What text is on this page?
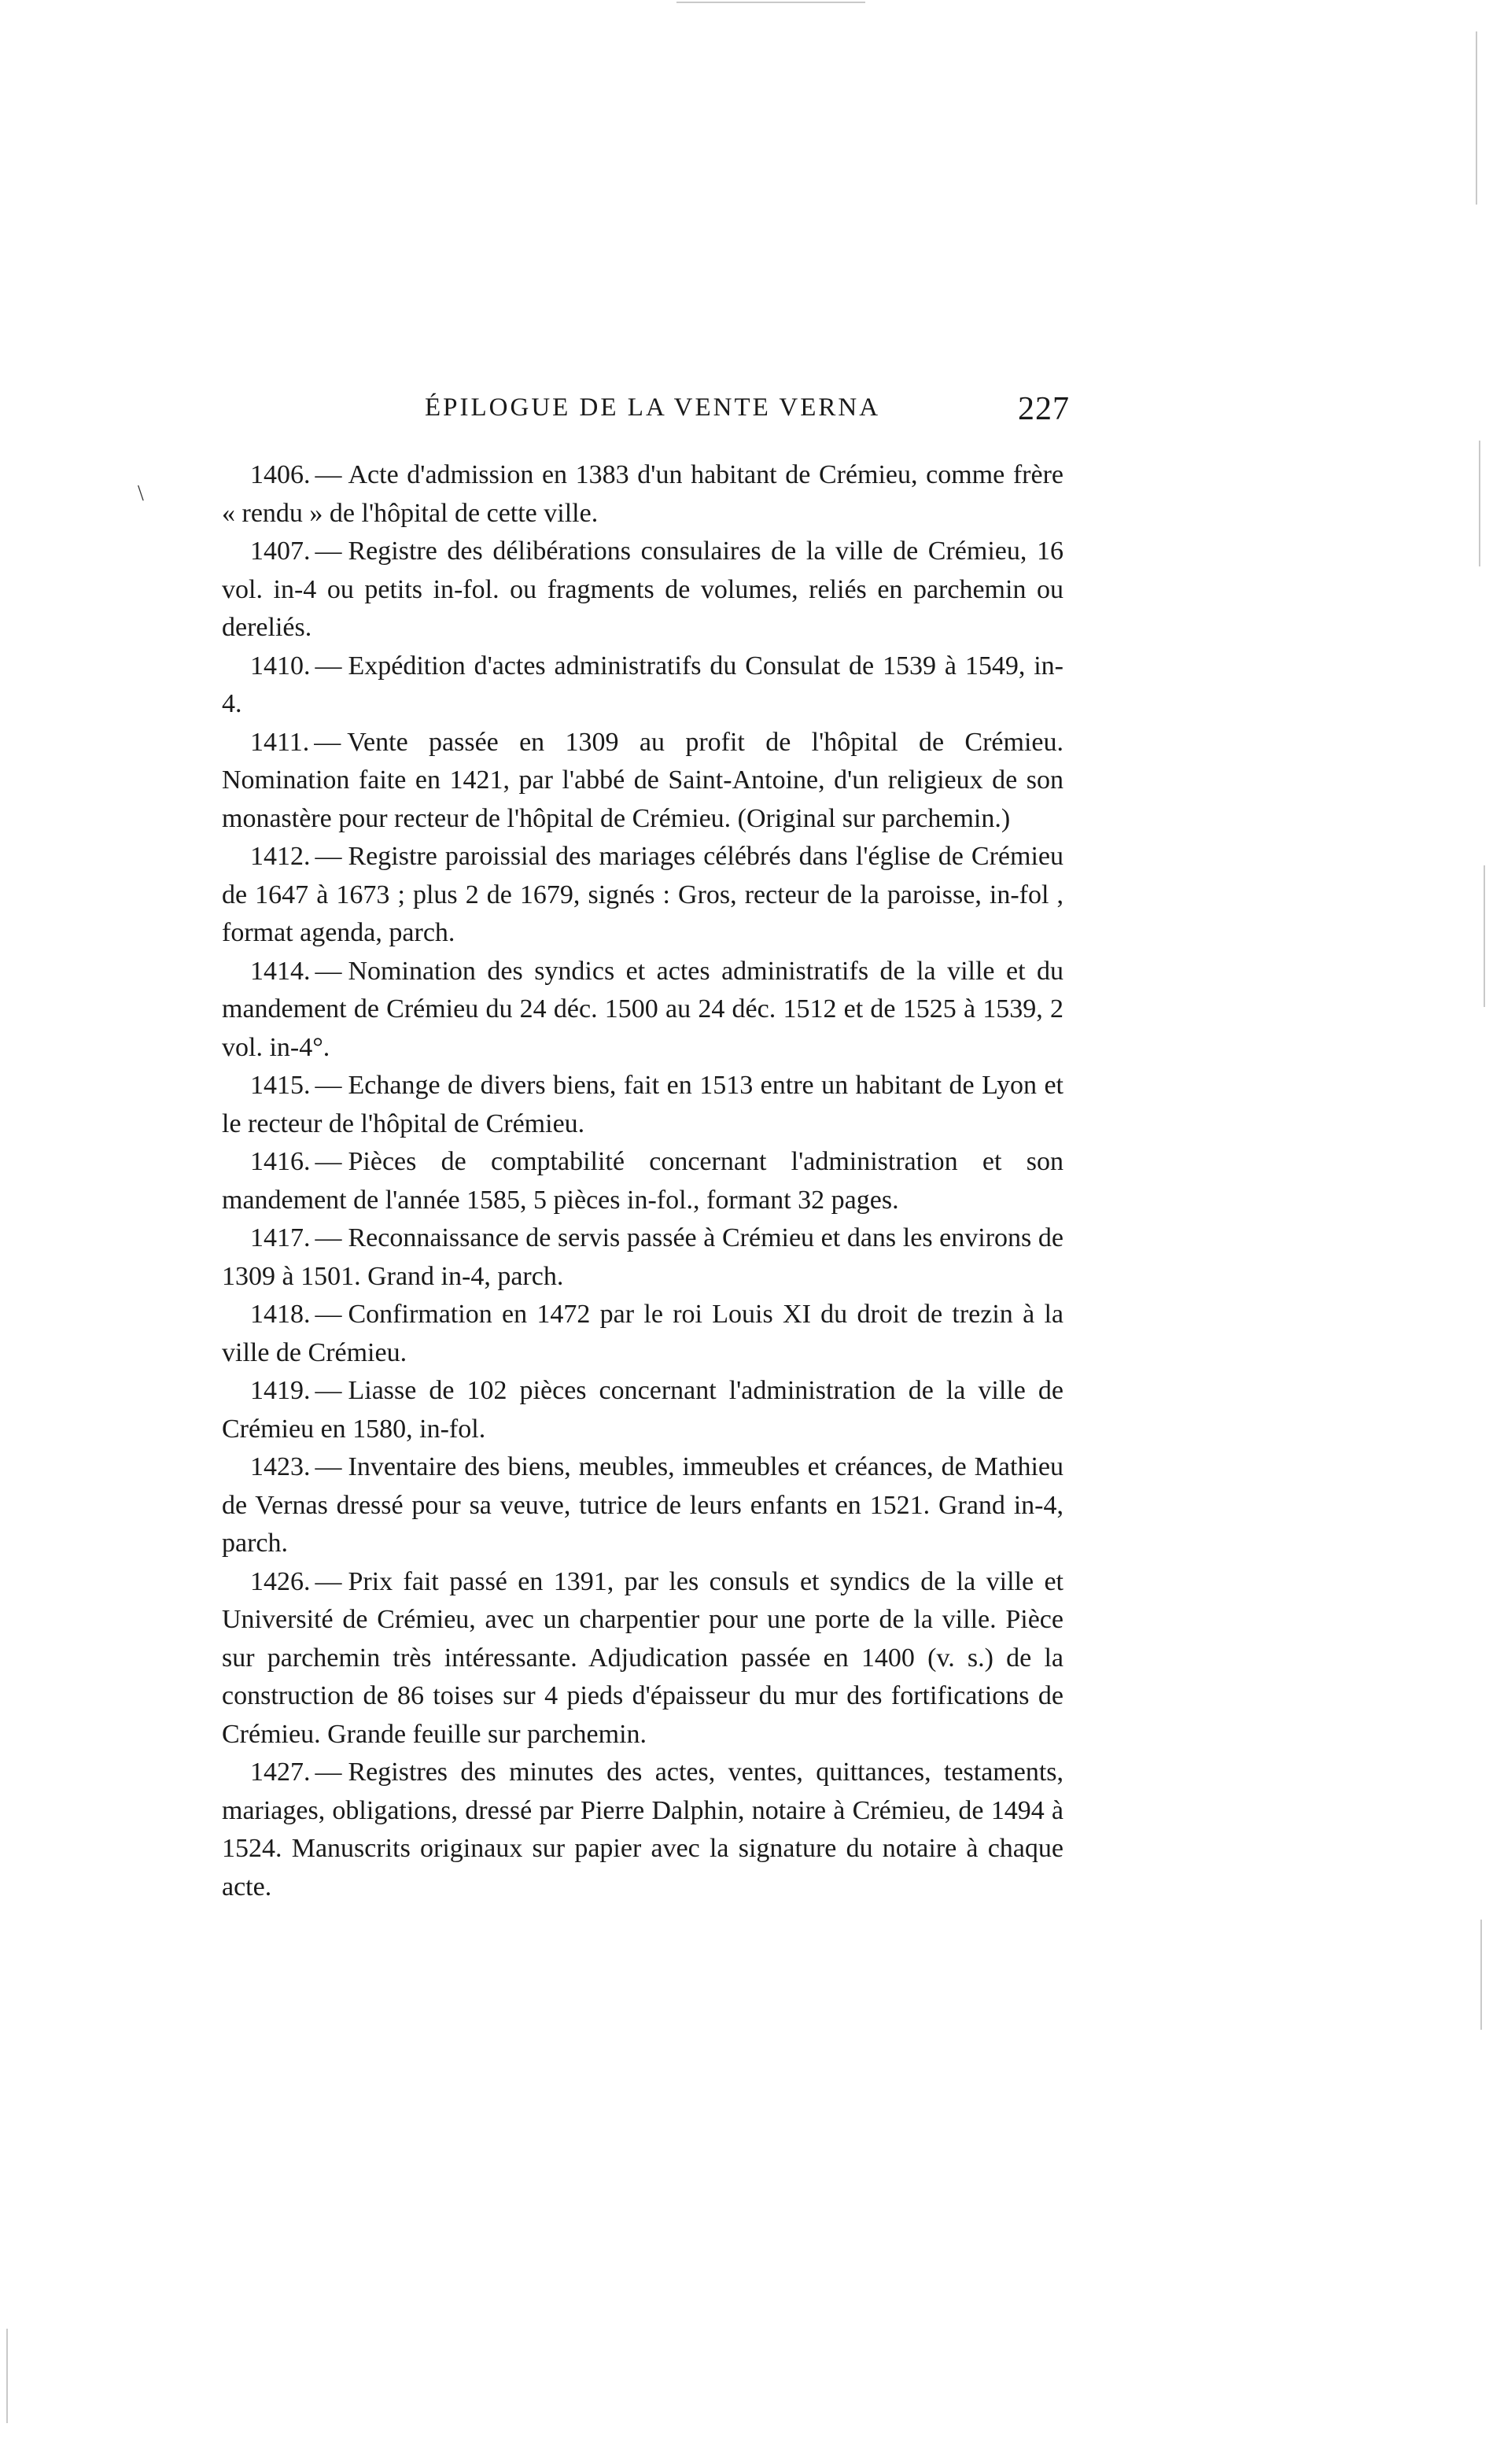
ÉPILOGUE DE LA VENTE VERNA	227
\

1406. — Acte d'admission en 1383 d'un habitant de Crémieu, comme frère « rendu » de l'hôpital de cette ville.

1407. — Registre des délibérations consulaires de la ville de Crémieu, 16 vol. in-4 ou petits in-fol. ou fragments de volumes, reliés en parchemin ou dereliés.

1410. — Expédition d'actes administratifs du Consulat de 1539 à 1549, in-4.

1411. — Vente passée en 1309 au profit de l'hôpital de Crémieu. Nomination faite en 1421, par l'abbé de Saint-Antoine, d'un religieux de son monastère pour recteur de l'hôpital de Crémieu. (Original sur parchemin.)

1412. — Registre paroissial des mariages célébrés dans l'église de Crémieu de 1647 à 1673 ; plus 2 de 1679, signés : Gros, recteur de la paroisse, in-fol , format agenda, parch.

1414. — Nomination des syndics et actes administratifs de la ville et du mandement de Crémieu du 24 déc. 1500 au 24 déc. 1512 et de 1525 à 1539, 2 vol. in-4°.

1415. — Echange de divers biens, fait en 1513 entre un habitant de Lyon et le recteur de l'hôpital de Crémieu.

1416. — Pièces de comptabilité concernant l'administration et son mandement de l'année 1585, 5 pièces in-fol., formant 32 pages.

1417. — Reconnaissance de servis passée à Crémieu et dans les environs de 1309 à 1501. Grand in-4, parch.

1418. — Confirmation en 1472 par le roi Louis XI du droit de trezin à la ville de Crémieu.

1419. — Liasse de 102 pièces concernant l'administration de la ville de Crémieu en 1580, in-fol.

1423. — Inventaire des biens, meubles, immeubles et créances, de Mathieu de Vernas dressé pour sa veuve, tutrice de leurs enfants en 1521. Grand in-4, parch.

1426. — Prix fait passé en 1391, par les consuls et syndics de la ville et Université de Crémieu, avec un charpentier pour une porte de la ville. Pièce sur parchemin très intéressante. Adjudication passée en 1400 (v. s.) de la construction de 86 toises sur 4 pieds d'épaisseur du mur des fortifications de Crémieu. Grande feuille sur parchemin.

1427. — Registres des minutes des actes, ventes, quittances, testaments, mariages, obligations, dressé par Pierre Dalphin, notaire à Crémieu, de 1494 à 1524. Manuscrits originaux sur papier avec la signature du notaire à chaque acte.
